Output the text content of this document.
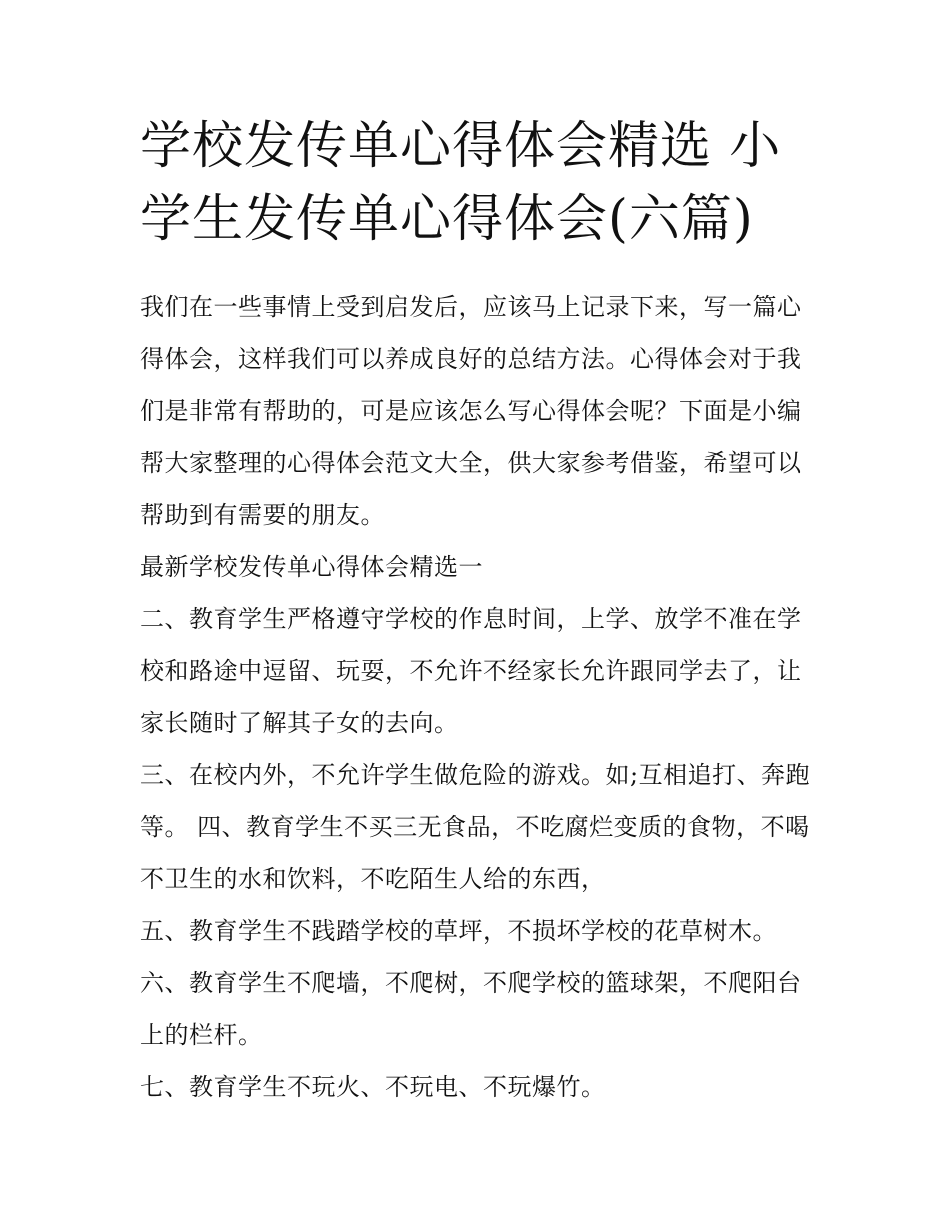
学校发传单心得体会精选 小学生发传单心得体会(六篇)

我们在一些事情上受到启发后，应该马上记录下来，写一篇心得体会，这样我们可以养成良好的总结方法。心得体会对于我们是非常有帮助的，可是应该怎么写心得体会呢？下面是小编帮大家整理的心得体会范文大全，供大家参考借鉴，希望可以帮助到有需要的朋友。

最新学校发传单心得体会精选一

二、教育学生严格遵守学校的作息时间，上学、放学不准在学校和路途中逗留、玩耍，不允许不经家长允许跟同学去了，让家长随时了解其子女的去向。

三、在校内外，不允许学生做危险的游戏。如;互相追打、奔跑等。 四、教育学生不买三无食品，不吃腐烂变质的食物，不喝不卫生的水和饮料，不吃陌生人给的东西，

五、教育学生不践踏学校的草坪，不损坏学校的花草树木。

六、教育学生不爬墙，不爬树，不爬学校的篮球架，不爬阳台上的栏杆。

七、教育学生不玩火、不玩电、不玩爆竹。
